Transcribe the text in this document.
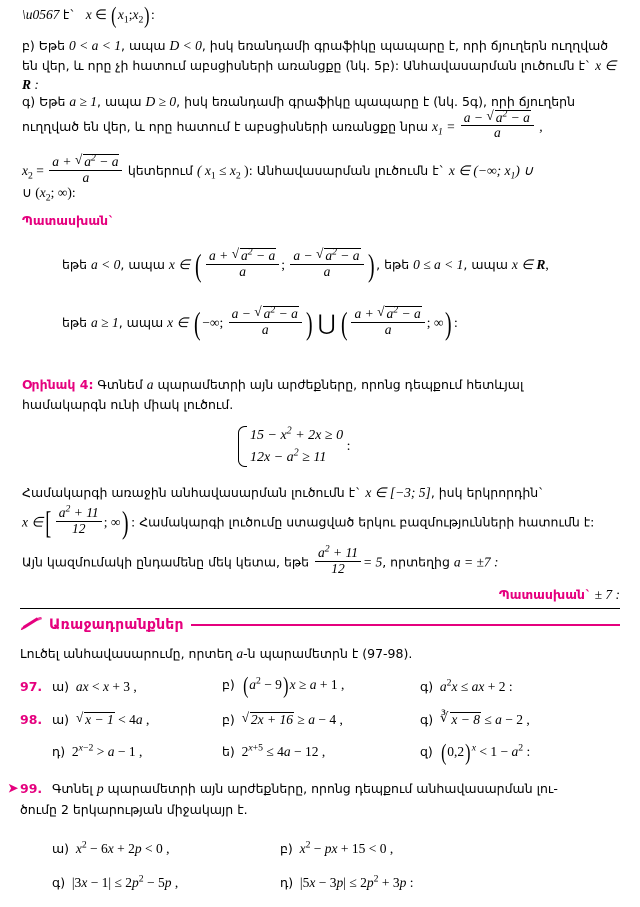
\u0567 է`   x ∈ $(x_1;x_2)$:
բ) Եթե 0 < a < 1, ապա D < 0, իսկ եռանդամի գրաֆիկը պապարը է, որի ճյուղերն ուղղված են վեր, և որը չի հատում աբսցիսների առանցքը (նկ. 5բ): Անհավասարման լուծումն է` x ∈ R :
գ) Եթե a ≥ 1, ապա D ≥ 0, իսկ եռանդամի գրաֆիկը պապարը է (նկ. 5գ), որի ճյուղերն ուղղված են վեր, և որը հատում է աբսցիսների առանցքը նրա $x_1 = \frac{a - √ a^2 - a}{a}$ ,
$x_2 = \frac{a + √ a^2 - a}{a}$ կետերում ( $x_1 \le x_2$ ): Անհավասարման լուծումն է` x ∈ (−∞; $x_1$) ∪
∪ ($x_2$; ∞):
Պատասխան`
եթե a < 0, ապա x ∈ ( $\frac{a + √ a^2 - a}{a}$ ; $\frac{a - √ a^2 - a}{a}$ ) , եթե 0 ≤ a < 1, ապա x ∈ R,
եթե a ≥ 1, ապա x ∈ ( −∞; $\frac{a - √ a^2 - a}{a}$ ) ⋃ ( $\frac{a + √ a^2 - a}{a}$ ; ∞) :
Օրինակ 4: Գտնեմ a պարամետրի այն արժեքները, որոնց դեպքում հետևյալ
համակարգն ունի միակ լուծում.
$15 - x^2 + 2x \ge 0$
$12x - a^2 \ge 11$
:
Համակարգի առաջին անհավասարման լուծումն է` x ∈ [−3; 5], իսկ երկրորդին`
x ∈[ $\frac{a^2 + 11}{12}$ ; ∞) : Համակարգի լուծումը ստացված երկու բազմությունների հատումն է:
Այն կազմումակի ընդամենը մեկ կետա, եթե $\frac{a^2 + 11}{12} = 5$, որտեղից a = ±7 :
Պատասխան` ± 7 :
Առաջադրանքներ
Լուծել անհավասարումը, որտեղ a-ն պարամետրն է (97-98).
97. ա) ax < x + 3 ,	բ) $(a^2 - 9)x \ge a + 1$ ,	գ) $a^2x$ ≤ ax + 2 :
98. ա) √ x − 1 < 4a ,	բ) √ 2x + 16 ≥ a − 4 ,	գ) ∛ x − 8 ≤ a − 2 ,
դ)  $2^{x-2} > a - 1$ ,	ե)  $2^{x+5} \le 4a - 12$ ,	զ) $(0,2)^x < 1 - a^2$ :
➤ 99. Գտնել p պարամետրի այն արժեքները, որոնց դեպքում անհավասարման լու-
ծումը 2 երկարության միջակայր է.
ա) $x^2 - 6x + 2p < 0$ ,	բ) $x^2$ − px + 15 < 0 ,
գ)  $|3x - 1| \le 2p^2 - 5p$ ,	դ)  $|5x - 3p| \le 2p^2 + 3p$ :
